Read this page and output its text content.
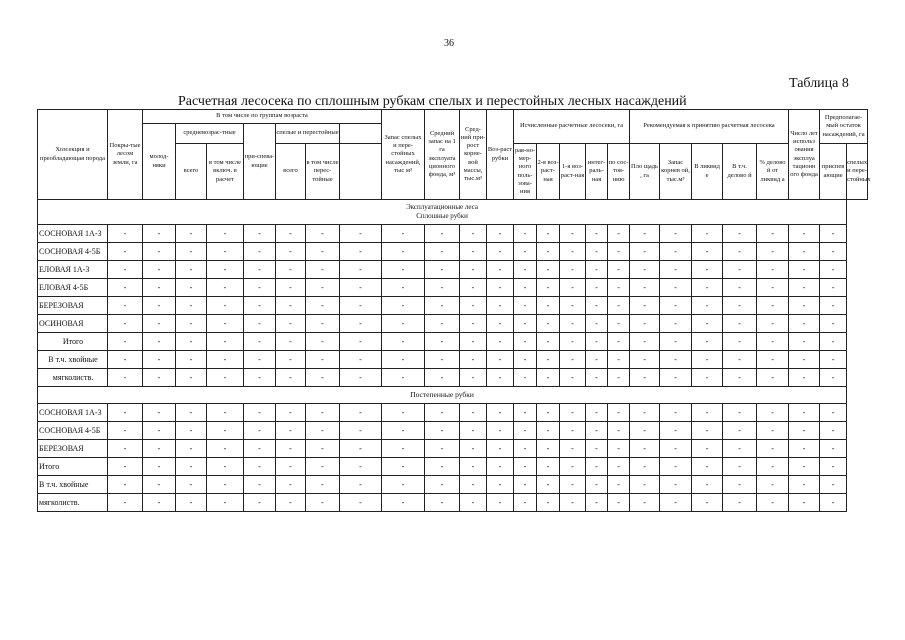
36
Таблица 8
Расчетная лесосека по сплошным рубкам спелых и перестойных лесных насаждений
Хозсекция и преобладающая порода	Покры-тые лесом земли, га	В том числе по группам возраста							Запас спелых и пере-стойных насаждений, тыс м³	Средний запас на 1 га эксплуата ционного фонда, м³	Сред-ний при-рост корне-вой массы, тыс.м³	Воз-раст рубки	Исчисленные расчетные лесосеки, га					Рекомендуемая к принятию расчетная лесосека					Число лет использ ования эксплуа тационн ого фонда	Предполагае-мый остаток насаждений, га	
		молод-няки	средневозрас-тные		при-спева-ющие	спелые и перестойные																			
			всего	в том числе включ. в расчет		всего	в том числе перес-тойные						рав-но-мер-ного поль-зова-ния	2-я воз-раст-ная	1-я воз-раст-ная	интег-раль-ная	по сос-тоя-нию	Пло щадь , га	Запас корнев ой, тыс.м³	В ликвид е	В т.ч. делово й	% делово й от ликвид а		приспев ающие	спелых и пере-стойных

Эксплуатационные леса
Сплошные рубки																									

СОСНОВАЯ 1А-3	-	-	-	-	-	-	-	-	-	-	-	-	-	-	-	-	-	-	-	-	-	-	-	-	
СОСНОВАЯ 4-5Б	-	-	-	-	-	-	-	-	-	-	-	-	-	-	-	-	-	-	-	-	-	-	-	-	
ЕЛОВАЯ 1А-3	-	-	-	-	-	-	-	-	-	-	-	-	-	-	-	-	-	-	-	-	-	-	-	-	
ЕЛОВАЯ 4-5Б	-	-	-	-	-	-	-	-	-	-	-	-	-	-	-	-	-	-	-	-	-	-	-	-	
БЕРЕЗОВАЯ	-	-	-	-	-	-	-	-	-	-	-	-	-	-	-	-	-	-	-	-	-	-	-	-	
ОСИНОВАЯ	-	-	-	-	-	-	-	-	-	-	-	-	-	-	-	-	-	-	-	-	-	-	-	-	
Итого	-	-	-	-	-	-	-	-	-	-	-	-	-	-	-	-	-	-	-	-	-	-	-	-	
В т.ч. хвойные	-	-	-	-	-	-	-	-	-	-	-	-	-	-	-	-	-	-	-	-	-	-	-	-	
мягколиств.	-	-	-	-	-	-	-	-	-	-	-	-	-	-	-	-	-	-	-	-	-	-	-	-	
Постепенные рубки																									
СОСНОВАЯ 1А-3	-	-	-	-	-	-	-	-	-	-	-	-	-	-	-	-	-	-	-	-	-	-	-	-	
СОСНОВАЯ 4-5Б	-	-	-	-	-	-	-	-	-	-	-	-	-	-	-	-	-	-	-	-	-	-	-	-	
БЕРЕЗОВАЯ	-	-	-	-	-	-	-	-	-	-	-	-	-	-	-	-	-	-	-	-	-	-	-	-	
Итого	-	-	-	-	-	-	-	-	-	-	-	-	-	-	-	-	-	-	-	-	-	-	-	-	
В т.ч. хвойные	-	-	-	-	-	-	-	-	-	-	-	-	-	-	-	-	-	-	-	-	-	-	-	-	
мягколиств.	-	-	-	-	-	-	-	-	-	-	-	-	-	-	-	-	-	-	-	-	-	-	-	-	
